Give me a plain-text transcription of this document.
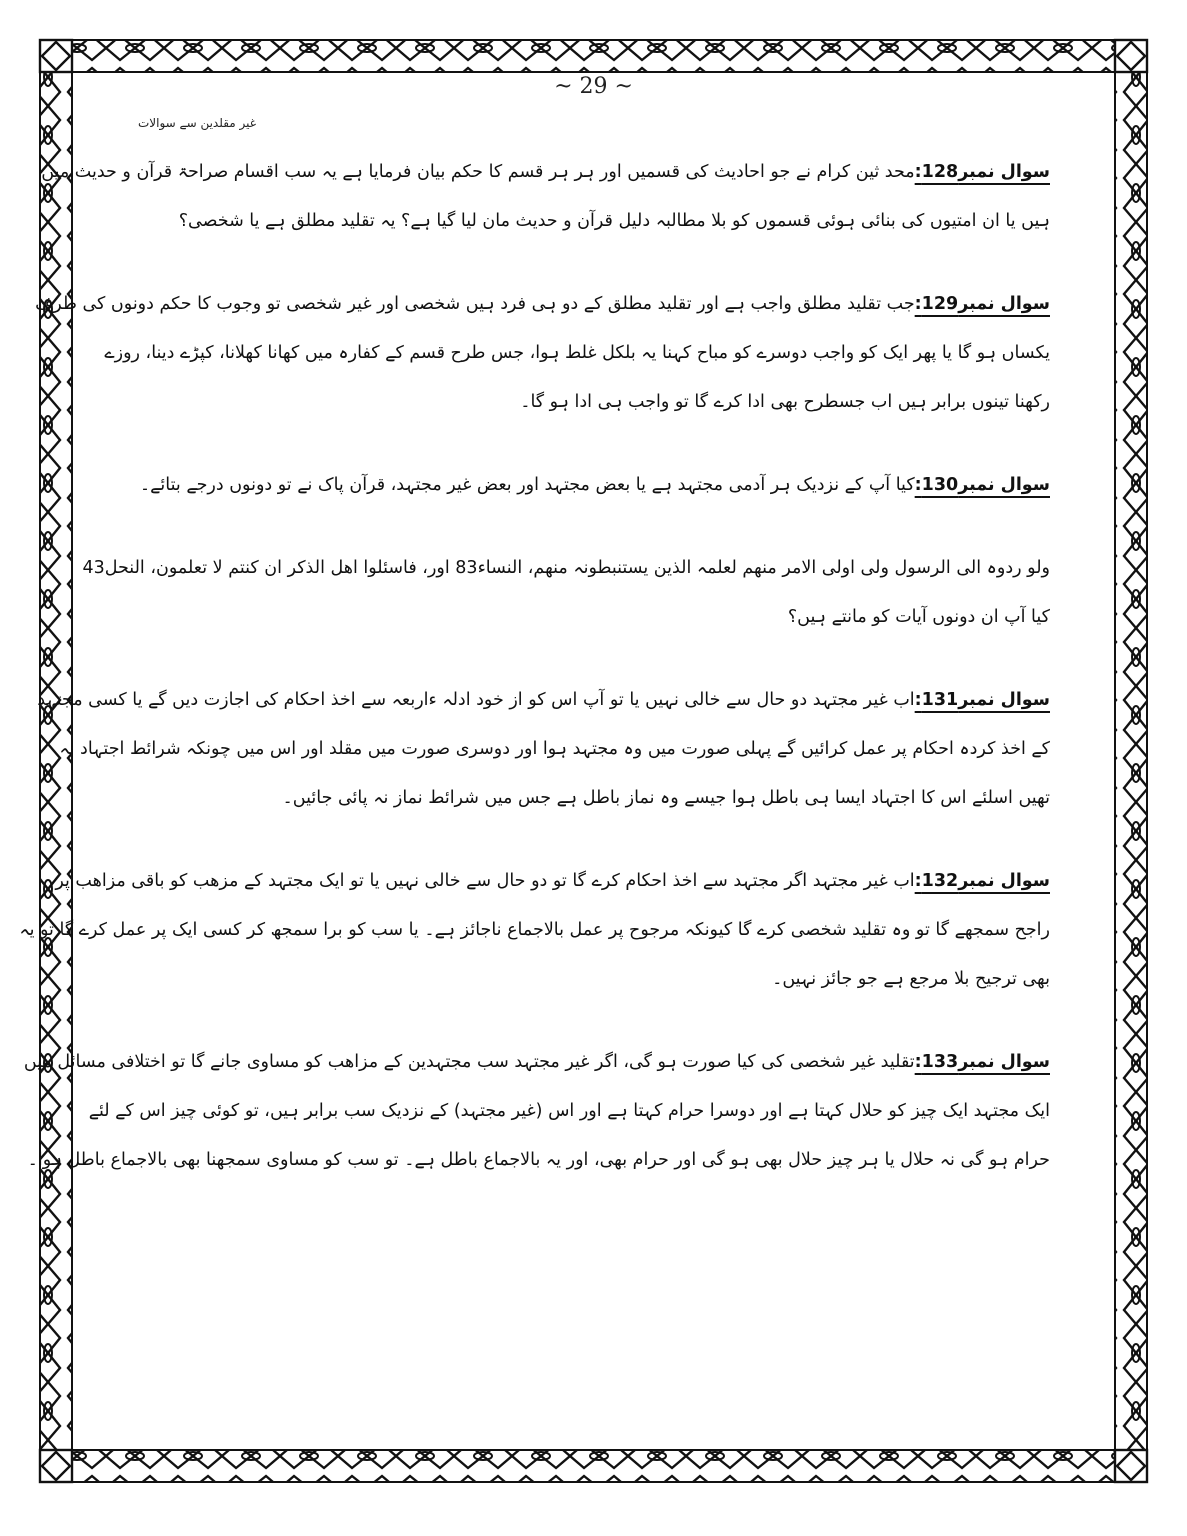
~ 29 ~
غیر مقلدین سے سوالات
سوال نمبر128:محد ثین کرام نے جو احادیث کی قسمیں اور ہر ہر قسم کا حکم بیان فرمایا ہے یہ سب اقسام صراحۃ قرآن و حدیث میں
ہیں یا ان امتیوں کی بنائی ہوئی قسموں کو بلا مطالبہ دلیل قرآن و حدیث مان لیا گیا ہے؟ یہ تقلید مطلق ہے یا شخصی؟
سوال نمبر129:جب تقلید مطلق واجب ہے اور تقلید مطلق کے دو ہی فرد ہیں شخصی اور غیر شخصی تو وجوب کا حکم دونوں کی طرف
یکساں ہو گا یا پھر ایک کو واجب دوسرے کو مباح کہنا یہ بلکل غلط ہوا، جس طرح قسم کے کفارہ میں کھانا کھلانا، کپڑے دینا، روزے
رکھنا تینوں برابر ہیں اب جسطرح بھی ادا کرے گا تو واجب ہی ادا ہو گا۔
سوال نمبر130:کیا آپ کے نزدیک ہر آدمی مجتہد ہے یا بعض مجتہد اور بعض غیر مجتہد، قرآن پاک نے تو دونوں درجے بتائے۔
ولو ردوہ الی الرسول ولی اولی الامر منھم لعلمہ الذین یستنبطونہ منھم، النساء83 اور، فاسئلوا اھل الذکر ان کنتم لا تعلمون، النحل43
کیا آپ ان دونوں آیات کو مانتے ہیں؟
سوال نمبر131:اب غیر مجتہد دو حال سے خالی نہیں یا تو آپ اس کو از خود ادلہ ءاربعہ سے اخذ احکام کی اجازت دیں گے یا کسی مجتہد
کے اخذ کردہ احکام پر عمل کرائیں گے پہلی صورت میں وہ مجتہد ہوا اور دوسری صورت میں مقلد اور اس میں چونکہ شرائط اجتہاد نہ
تھیں اسلئے اس کا اجتہاد ایسا ہی باطل ہوا جیسے وہ نماز باطل ہے جس میں شرائط نماز نہ پائی جائیں۔
سوال نمبر132:اب غیر مجتہد اگر مجتہد سے اخذ احکام کرے گا تو دو حال سے خالی نہیں یا تو ایک مجتہد کے مزھب کو باقی مزاھب پر
راجح سمجھے گا تو وہ تقلید شخصی کرے گا کیونکہ مرجوح پر عمل بالاجماع ناجائز ہے۔ یا سب کو برا سمجھ کر کسی ایک پر عمل کرے گا تو یہ
بھی ترجیح بلا مرجع ہے جو جائز نہیں۔
سوال نمبر133:تقلید غیر شخصی کی کیا صورت ہو گی، اگر غیر مجتہد سب مجتہدین کے مزاھب کو مساوی جانے گا تو اختلافی مسائل میں
ایک مجتہد ایک چیز کو حلال کہتا ہے اور دوسرا حرام کہتا ہے اور اس (غیر مجتہد) کے نزدیک سب برابر ہیں، تو کوئی چیز اس کے لئے
حرام ہو گی نہ حلال یا ہر چیز حلال بھی ہو گی اور حرام بھی، اور یہ بالاجماع باطل ہے۔ تو سب کو مساوی سمجھنا بھی بالاجماع باطل ہوا۔
